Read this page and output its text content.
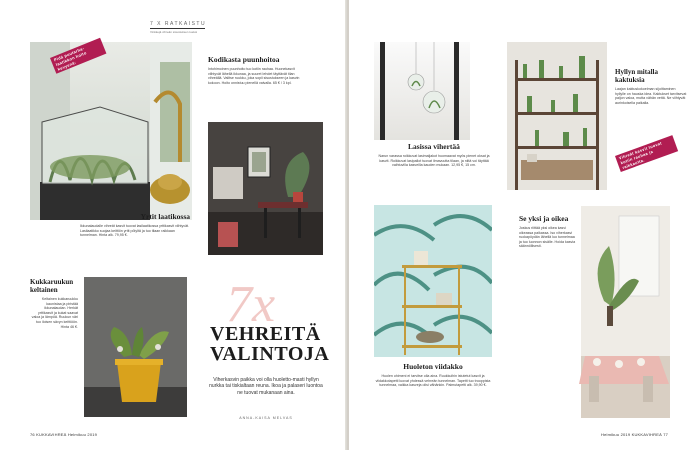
7 X RATKAISTU
Vinkkejä vihreän sisustuksen tueksi
Pidä puutarha-laatikkon hoito kevyenä:
Yrtit laatikossa
Ikkunalaudalle vihreät kasvit tuovat lasilaatikossa yrttikasvit viihtyvät. Lasilaatikko suojaa keittiön yrtit pölyltä ja tuo tilaan raikkaan tunnelman. Hinta alk. 79,95 €.
Kodikasta puunhoitoa
Intohimoinen puunhoito tuo kotiin rauhaa. Huonekasvit viihtyvät lähellä ikkunaa, ja suuret lehdet täyttävät tilan vihreällä. Valitse ruukku, joka sopii sisustukseen ja kasvin kokoon. Hoito onnistuu pienellä vaivalla. 65 € / 3 kpl.
Kukkaruukun keltainen
Keltainen kukkaruukku kaunistaa ja piristää ikkunalaudan. Herkät yrttikasvit ja kukat saavat valoa ja lämpöä. Ruukun väri tuo iloisen sävyn keittiöön. Hinta 46 €.	7x
VEHREITÄ
VALINTOJA
Viherkasvin paikka voi olla huoletto-masti hyllyn nurkka tai tiskialtaan reuna. Ikoa ja palaseri luontoa ne tuovat mukanaan aina.
ANNA-KAISA MELVAS
76 KUKKAVIHREÄ Helmikuu 2019
Lasissa vihertää
Narun varassa roikkuvat lasimaljakot huomaavat myös pienet oksat ja kasvit. Roikkuvat lasipallot tuovat ilmavuutta tilaan, ja niitä voi täyttää vaihtuvilla kasveilla kauden mukaan. 12,95 €, 15 cm.
Hyllyn mitalla kaktuksia
Laajan kaktuskokoelman sijoittaminen hyllylle on hauska idea. Kaktukset tarvitsevat paljon valoa, mutta vähän vettä. Ne viihtyvät aurinkoisella paikalla.
Vihreät kasvit tuovat kotiin rauhaa ja raikkautta.
Huoleton viidakko
Huolen ohimeni ei tarvitse olla aina. Ruukkuihin istutetut kasvit ja viidakkotapetti luovat yhdessä vehreän tunnelman. Tapetti tuo trooppista tunnelmaa, vaikka kasveja olisi vähänkin. Palmutapetti alk. 39,90 €.
Se yksi ja oikea
Joskus riittää yksi oikea kasvi oikeassa paikassa. Iso viherkasvi ruokapöydän lähellä luo tunnelmaa ja tuo luonnon sisälle. Hoida kasvia säännöllisesti.
Helmikuu 2019 KUKKAVIHREÄ 77
